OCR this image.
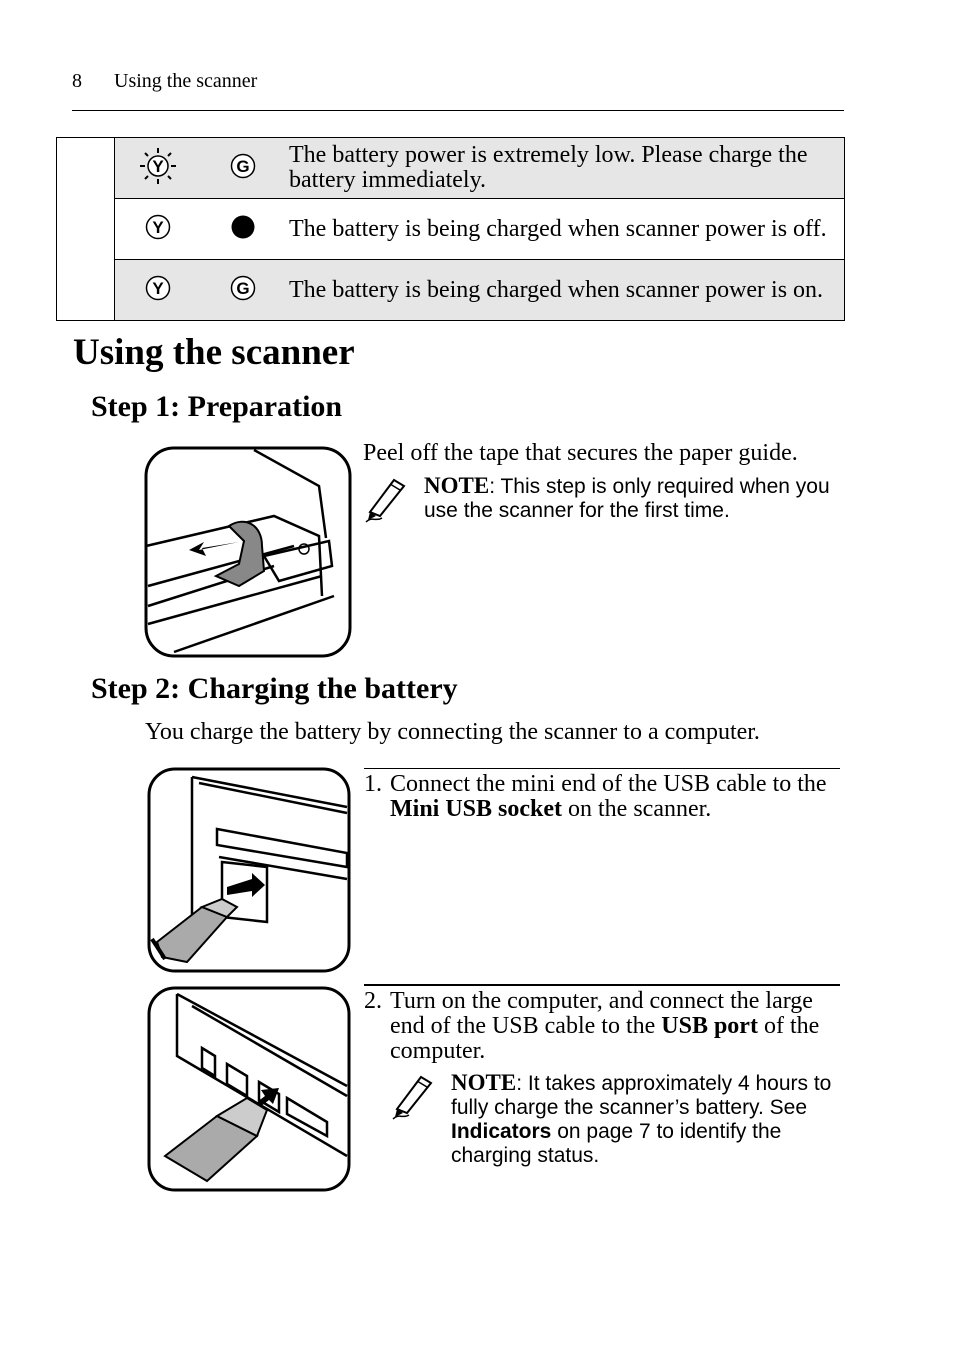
8 Using the scanner

Y	G	The battery power is extremely low. Please charge the battery immediately.

Y		The battery is being charged when scanner power is off.

Y	G	The battery is being charged when scanner power is on.
Using the scanner
Step 1: Preparation
Peel off the tape that secures the paper guide.
NOTE: This step is only required when you use the scanner for the first time.
Step 2: Charging the battery
You charge the battery by connecting the scanner to a computer.
1. Connect the mini end of the USB cable to the Mini USB socket on the scanner.
2. Turn on the computer, and connect the large end of the USB cable to the USB port of the computer.
NOTE: It takes approximately 4 hours to fully charge the scanner’s battery. See Indicators on page 7 to identify the charging status.
